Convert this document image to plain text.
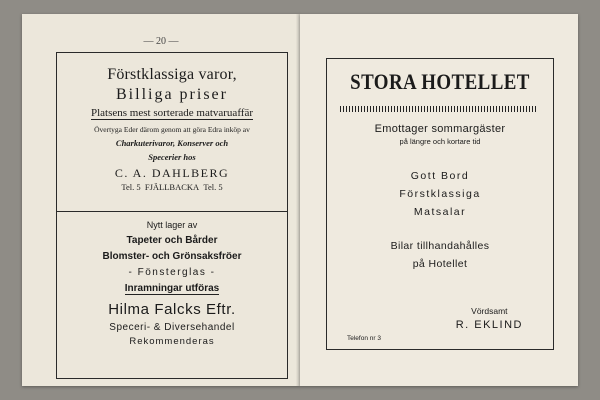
— 20 —
Förstklassiga varor,
Billiga priser
Platsens mest sorterade matvaruaffär
Övertyga Eder därom genom att göra Edra inköp av
Charkuterivaror, Konserver och
Specerier hos
C. A. DAHLBERG
Tel. 5 FJÄLLBACKA Tel. 5
Nytt lager av
Tapeter och Bårder
Blomster- och Grönsaksfröer
- Fönsterglas -
Inramningar utföras
Hilma Falcks Eftr.
Speceri- & Diversehandel
Rekommenderas
STORA HOTELLET
Emottager sommargäster
på längre och kortare tid
Gott Bord
Förstklassiga
Matsalar
Bilar tillhandahålles
på Hotellet
Vördsamt
R. EKLIND
Telefon nr 3
